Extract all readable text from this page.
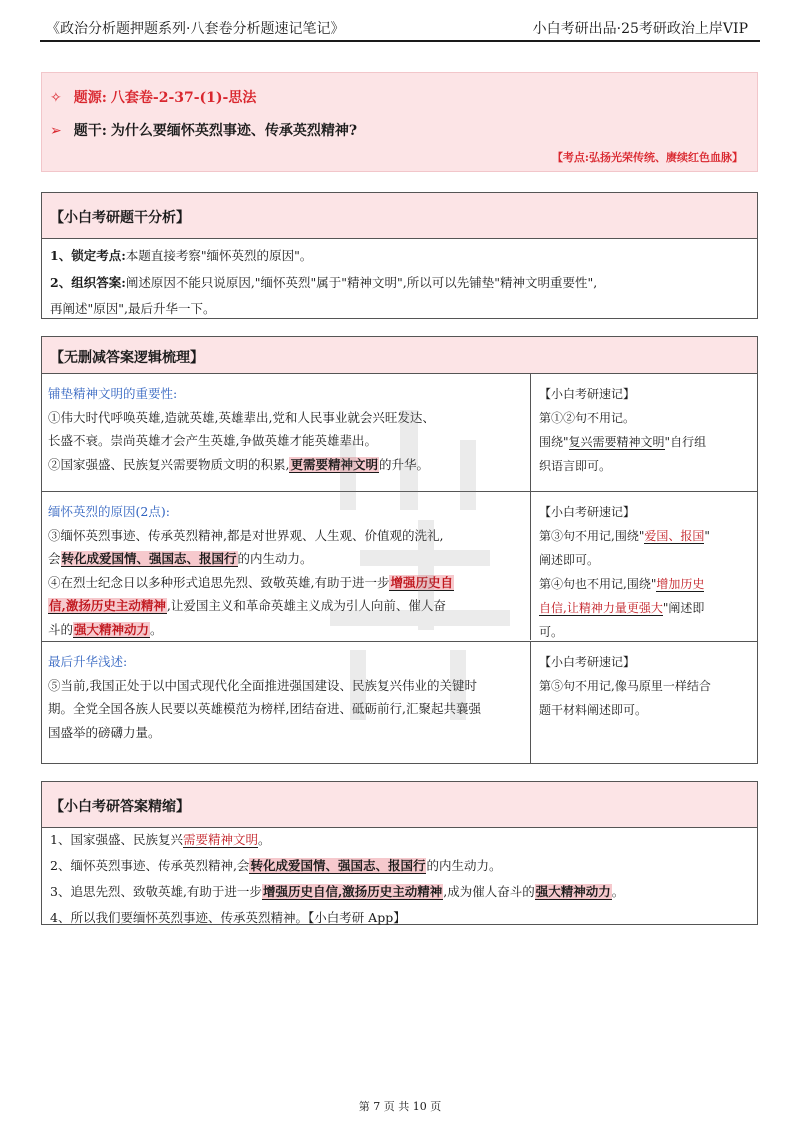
《政治分析题押题系列·八套卷分析题速记笔记》	小白考研出品·25考研政治上岸VIP
✧ 题源: 八套卷-2-37-(1)-思法
➢ 题干: 为什么要缅怀英烈事迹、传承英烈精神?
【考点:弘扬光荣传统、赓续红色血脉】
【小白考研题干分析】
1、锁定考点:本题直接考察"缅怀英烈的原因"。
2、组织答案:阐述原因不能只说原因,"缅怀英烈"属于"精神文明",所以可以先铺垫"精神文明重要性",
再阐述"原因",最后升华一下。
【无删减答案逻辑梳理】
铺垫精神文明的重要性:
①伟大时代呼唤英雄,造就英雄,英雄辈出,党和人民事业就会兴旺发达、
长盛不衰。崇尚英雄才会产生英雄,争做英雄才能英雄辈出。
②国家强盛、民族复兴需要物质文明的积累,更需要精神文明的升华。
【小白考研速记】
第①②句不用记。
围绕"复兴需要精神文明"自行组
织语言即可。
缅怀英烈的原因(2点):
③缅怀英烈事迹、传承英烈精神,都是对世界观、人生观、价值观的洗礼,
会转化成爱国情、强国志、报国行的内生动力。
④在烈士纪念日以多种形式追思先烈、致敬英雄,有助于进一步增强历史自
信,激扬历史主动精神,让爱国主义和革命英雄主义成为引人向前、催人奋
斗的强大精神动力。
【小白考研速记】
第③句不用记,围绕"爱国、报国"
阐述即可。
第④句也不用记,围绕"增加历史
自信,让精神力量更强大"阐述即
可。
最后升华浅述:
⑤当前,我国正处于以中国式现代化全面推进强国建设、民族复兴伟业的关键时
期。全党全国各族人民要以英雄模范为榜样,团结奋进、砥砺前行,汇聚起共襄强
国盛举的磅礴力量。
【小白考研速记】
第⑤句不用记,像马原里一样结合
题干材料阐述即可。
【小白考研答案精缩】
1、国家强盛、民族复兴需要精神文明。
2、缅怀英烈事迹、传承英烈精神,会转化成爱国情、强国志、报国行的内生动力。
3、追思先烈、致敬英雄,有助于进一步增强历史自信,激扬历史主动精神,成为催人奋斗的强大精神动力。
4、所以我们要缅怀英烈事迹、传承英烈精神。【小白考研 App】
第 7 页 共 10 页
